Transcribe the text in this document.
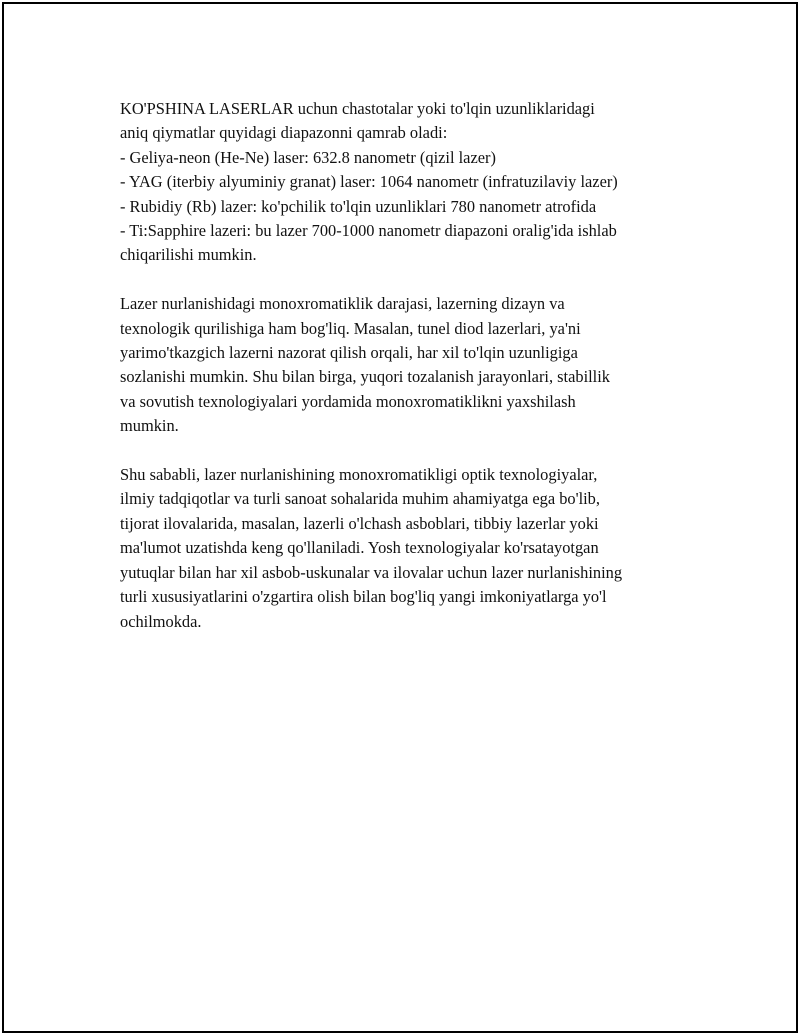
KO'PSHINA LASERLAR uchun chastotalar yoki to'lqin uzunliklaridagi
aniq qiymatlar quyidagi diapazonni qamrab oladi:
- Geliya-neon (He-Ne) laser: 632.8 nanometr (qizil lazer)
- YAG (iterbiy alyuminiy granat) laser: 1064 nanometr (infratuzilaviy lazer)
- Rubidiy (Rb) lazer: ko'pchilik to'lqin uzunliklari 780 nanometr atrofida
- Ti:Sapphire lazeri: bu lazer 700-1000 nanometr diapazoni oralig'ida ishlab
chiqarilishi mumkin.

Lazer nurlanishidagi monoxromatiklik darajasi, lazerning dizayn va
texnologik qurilishiga ham bog'liq. Masalan, tunel diod lazerlari, ya'ni
yarimo'tkazgich lazerni nazorat qilish orqali, har xil to'lqin uzunligiga
sozlanishi mumkin. Shu bilan birga, yuqori tozalanish jarayonlari, stabillik
va sovutish texnologiyalari yordamida monoxromatiklikni yaxshilash
mumkin.

Shu sababli, lazer nurlanishining monoxromatikligi optik texnologiyalar,
ilmiy tadqiqotlar va turli sanoat sohalarida muhim ahamiyatga ega bo'lib,
tijorat ilovalarida, masalan, lazerli o'lchash asboblari, tibbiy lazerlar yoki
ma'lumot uzatishda keng qo'llaniladi. Yosh texnologiyalar ko'rsatayotgan
yutuqlar bilan har xil asbob-uskunalar va ilovalar uchun lazer nurlanishining
turli xususiyatlarini o'zgartira olish bilan bog'liq yangi imkoniyatlarga yo'l
ochilmokda.
